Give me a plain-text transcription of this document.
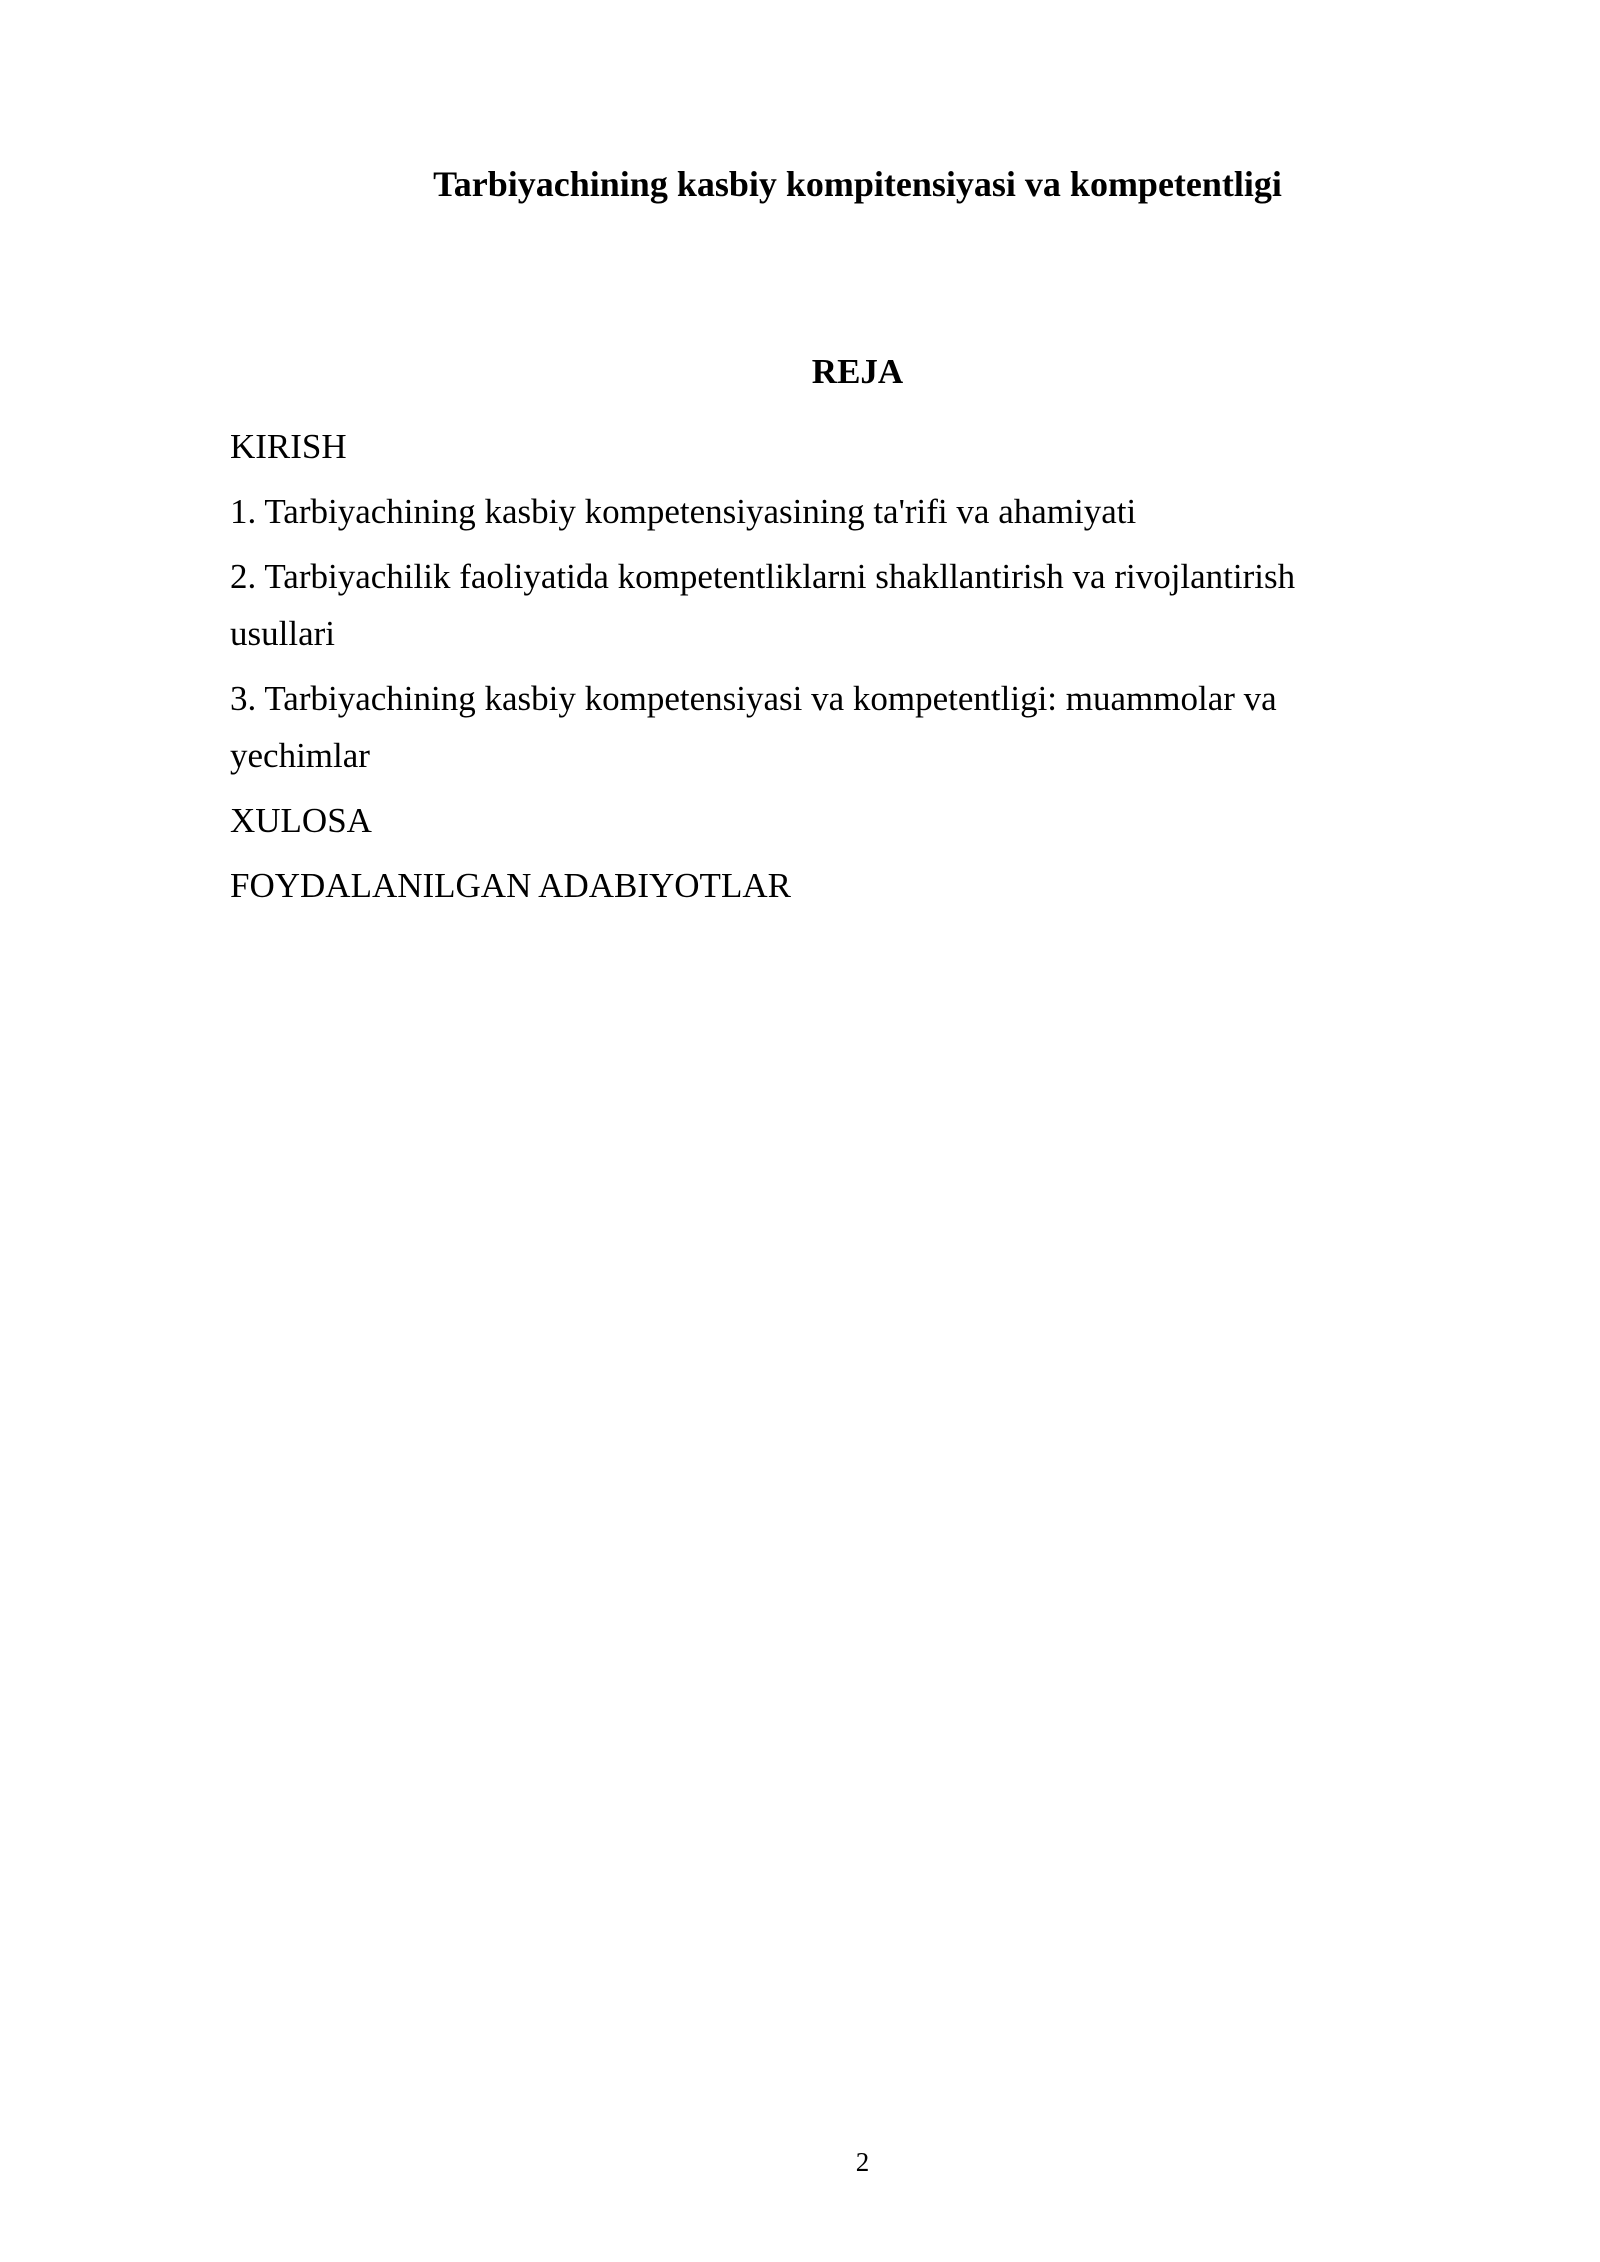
Tarbiyachining kasbiy kompitensiyasi va kompetentligi
REJA
KIRISH
1. Tarbiyachining kasbiy kompetensiyasining ta'rifi va ahamiyati
2. Tarbiyachilik faoliyatida kompetentliklarni shakllantirish va rivojlantirish usullari
3. Tarbiyachining kasbiy kompetensiyasi va kompetentligi: muammolar va yechimlar
XULOSA
FOYDALANILGAN ADABIYOTLAR
2
